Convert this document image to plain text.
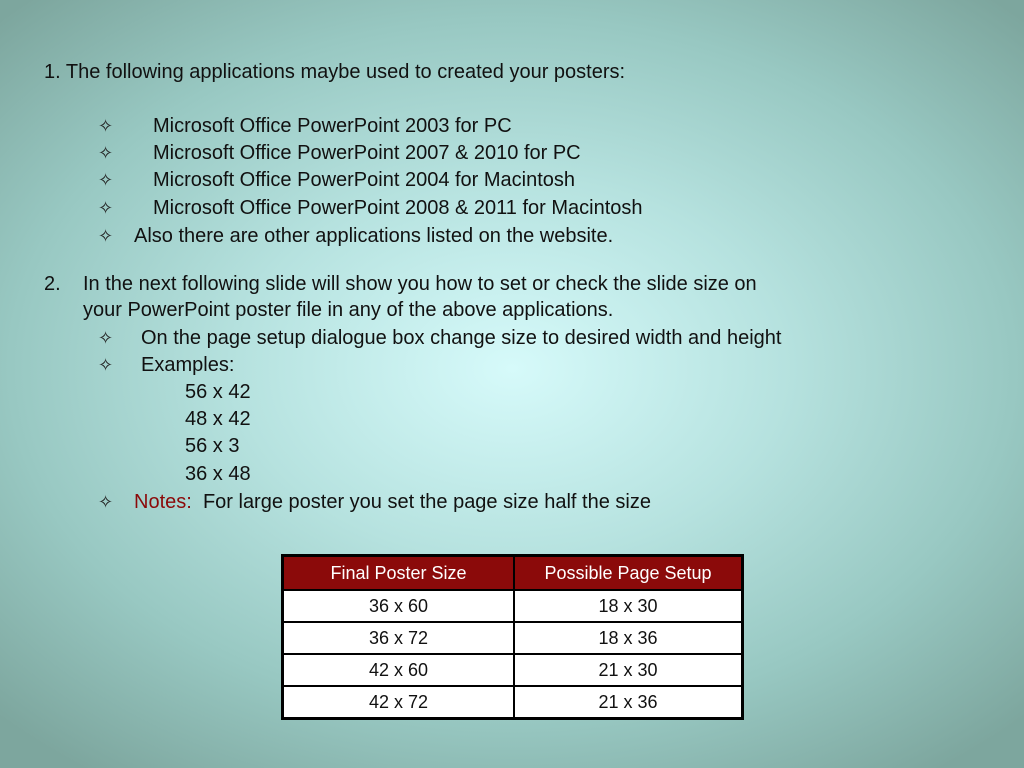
1. The following applications maybe used to created your posters:
✧ Microsoft Office PowerPoint 2003 for PC
✧ Microsoft Office PowerPoint 2007 & 2010 for PC
✧ Microsoft Office PowerPoint 2004 for Macintosh
✧ Microsoft Office PowerPoint 2008 & 2011 for Macintosh
✧ Also there are other applications listed on the website.
2. In the next following slide will show you how to set or check the slide size on
your PowerPoint poster file in any of the above applications.
✧ On the page setup dialogue box change size to desired width and height
✧ Examples:
56 x 42
48 x 42
56 x 3
36 x 48
✧ Notes: For large poster you set the page size half the size
Final Poster Size	Possible Page Setup
36 x 60	18 x 30
36 x 72	18 x 36
42 x 60	21 x 30
42 x 72	21 x 36
